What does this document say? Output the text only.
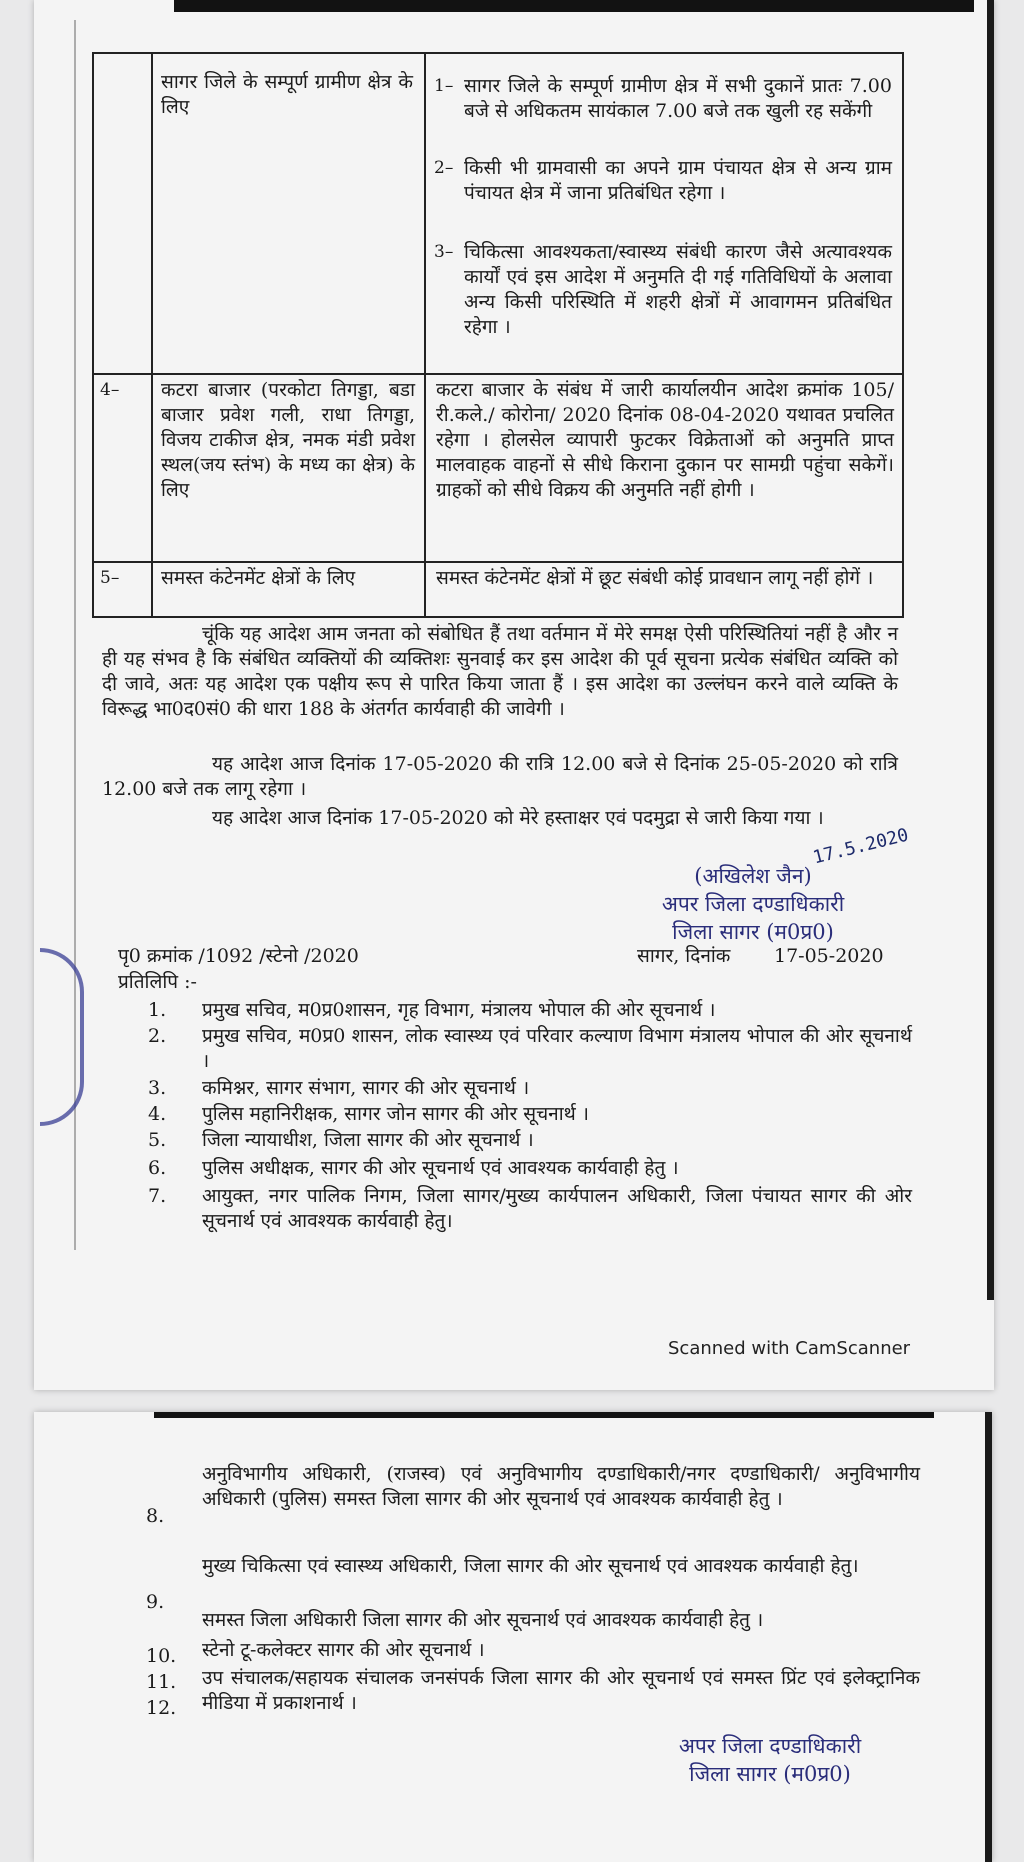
सागर जिले के सम्पूर्ण ग्रामीण क्षेत्र के लिए
1– सागर जिले के सम्पूर्ण ग्रामीण क्षेत्र में सभी दुकानें प्रातः 7.00 बजे से अधिकतम सायंकाल 7.00 बजे तक खुली रह सकेंगी
2– किसी भी ग्रामवासी का अपने ग्राम पंचायत क्षेत्र से अन्य ग्राम पंचायत क्षेत्र में जाना प्रतिबंधित रहेगा ।
3– चिकित्सा आवश्यकता/स्वास्थ्य संबंधी कारण जैसे अत्यावश्यक कार्यों एवं इस आदेश में अनुमति दी गई गतिविधियों के अलावा अन्य किसी परिस्थिति में शहरी क्षेत्रों में आवागमन प्रतिबंधित रहेगा ।
4– कटरा बाजार (परकोटा तिगड्डा, बडा बाजार प्रवेश गली, राधा तिगड्डा, विजय टाकीज क्षेत्र, नमक मंडी प्रवेश स्थल(जय स्तंभ) के मध्य का क्षेत्र) के लिए
कटरा बाजार के संबंध में जारी कार्यालयीन आदेश क्रमांक 105/ री.कले./ कोरोना/ 2020 दिनांक 08-04-2020 यथावत प्रचलित रहेगा । होलसेल व्यापारी फुटकर विक्रेताओं को अनुमति प्राप्त मालवाहक वाहनों से सीधे किराना दुकान पर सामग्री पहुंचा सकेगें। ग्राहकों को सीधे विक्रय की अनुमति नहीं होगी ।
5– समस्त कंटेनमेंट क्षेत्रों के लिए	समस्त कंटेनमेंट क्षेत्रों में छूट संबंधी कोई प्रावधान लागू नहीं होगें ।
चूंकि यह आदेश आम जनता को संबोधित हैं तथा वर्तमान में मेरे समक्ष ऐसी परिस्थितियां नहीं है और न ही यह संभव है कि संबंधित व्यक्तियों की व्यक्तिशः सुनवाई कर इस आदेश की पूर्व सूचना प्रत्येक संबंधित व्यक्ति को दी जावे, अतः यह आदेश एक पक्षीय रूप से पारित किया जाता हैं । इस आदेश का उल्लंघन करने वाले व्यक्ति के विरूद्ध भा0द0सं0 की धारा 188 के अंतर्गत कार्यवाही की जावेगी ।
यह आदेश आज दिनांक 17-05-2020 की रात्रि 12.00 बजे से दिनांक 25-05-2020 को रात्रि 12.00 बजे तक लागू रहेगा ।
यह आदेश आज दिनांक 17-05-2020 को मेरे हस्ताक्षर एवं पदमुद्रा से जारी किया गया ।
17.5.2020
(अखिलेश जैन)
अपर जिला दण्डाधिकारी
जिला सागर (म0प्र0)
पृ0 क्रमांक /1092 /स्टेनो /2020	सागर, दिनांक 17-05-2020
प्रतिलिपि :-
1. प्रमुख सचिव, म0प्र0शासन, गृह विभाग, मंत्रालय भोपाल की ओर सूचनार्थ ।
2. प्रमुख सचिव, म0प्र0 शासन, लोक स्वास्थ्य एवं परिवार कल्याण विभाग मंत्रालय भोपाल की ओर सूचनार्थ ।
3. कमिश्नर, सागर संभाग, सागर की ओर सूचनार्थ ।
4. पुलिस महानिरीक्षक, सागर जोन सागर की ओर सूचनार्थ ।
5. जिला न्यायाधीश, जिला सागर की ओर सूचनार्थ ।
6. पुलिस अधीक्षक, सागर की ओर सूचनार्थ एवं आवश्यक कार्यवाही हेतु ।
7. आयुक्त, नगर पालिक निगम, जिला सागर/मुख्य कार्यपालन अधिकारी, जिला पंचायत सागर की ओर सूचनार्थ एवं आवश्यक कार्यवाही हेतु।
Scanned with CamScanner
8.
अनुविभागीय अधिकारी, (राजस्व) एवं अनुविभागीय दण्डाधिकारी/नगर दण्डाधिकारी/ अनुविभागीय अधिकारी (पुलिस) समस्त जिला सागर की ओर सूचनार्थ एवं आवश्यक कार्यवाही हेतु ।
9.
मुख्य चिकित्सा एवं स्वास्थ्य अधिकारी, जिला सागर की ओर सूचनार्थ एवं आवश्यक कार्यवाही हेतु।
10.
समस्त जिला अधिकारी जिला सागर की ओर सूचनार्थ एवं आवश्यक कार्यवाही हेतु ।
11.
स्टेनो टू-कलेक्टर सागर की ओर सूचनार्थ ।
12.
उप संचालक/सहायक संचालक जनसंपर्क जिला सागर की ओर सूचनार्थ एवं समस्त प्रिंट एवं इलेक्ट्रानिक मीडिया में प्रकाशनार्थ ।
अपर जिला दण्डाधिकारी
जिला सागर (म0प्र0)
